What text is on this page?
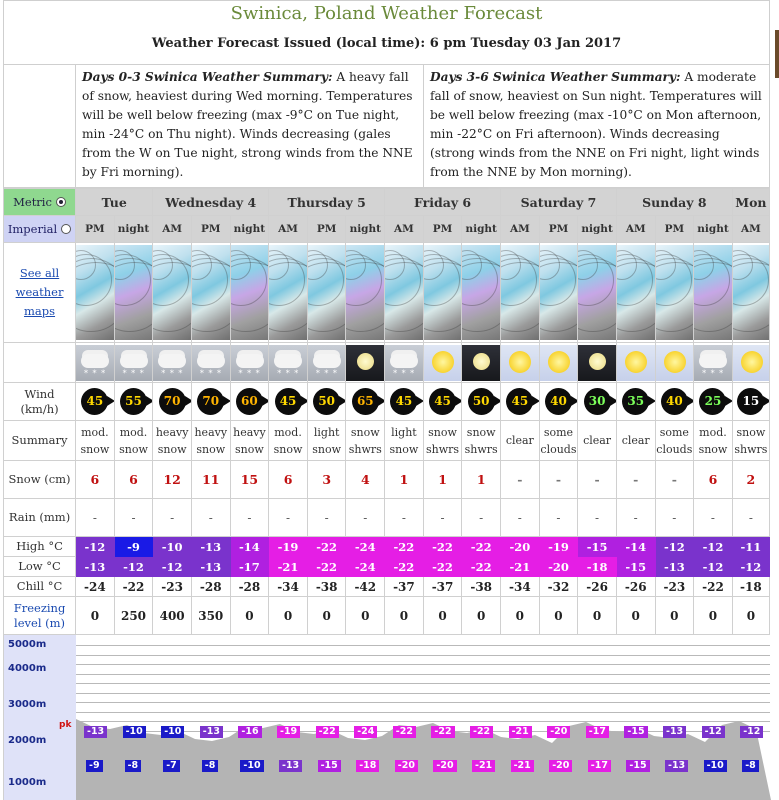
Swinica, Poland Weather Forecast
Weather Forecast Issued (local time): 6 pm Tuesday 03 Jan 2017
Days 0-3 Swinica Weather Summary: A heavy fall of snow, heaviest during Wed morning. Temperatures will be well below freezing (max -9°C on Tue night, min -24°C on Thu night). Winds decreasing (gales from the W on Tue night, strong winds from the NNE by Fri morning).
Days 3-6 Swinica Weather Summary: A moderate fall of snow, heaviest on Sun night. Temperatures will be well below freezing (max -10°C on Mon afternoon, min -22°C on Fri afternoon). Winds decreasing (strong winds from the NNE on Fri night, light winds from the NNE by Mon morning).
Metric	Tue		Wednesday 4			Thursday 5			Friday 6			Saturday 7			Sunday 8			Mon
Imperial	PM	night	AM	PM	night	AM	PM	night	AM	PM	night	AM	PM	night	AM	PM	night	AM
See all weather maps	

	* * *	* * *	* * *	* * *	* * *	* * *	* * *		* * *								* * *	

Wind (km/h)	45	55	70	70	60	45	50	65	45	45	50	45	40	30	35	40	25	15

Summary	mod. snow	mod. snow	heavy snow	heavy snow	heavy snow	mod. snow	light snow	snow shwrs	light snow	snow shwrs	snow shwrs	clear	some clouds	clear	clear	some clouds	mod. snow	snow shwrs
Snow (cm)	6	6	12	11	15	6	3	4	1	1	1	-	-	-	-	-	6	2
Rain (mm)	-	-	-	-	-	-	-	-	-	-	-	-	-	-	-	-	-	-
High °C	-12	-9	-10	-13	-14	-19	-22	-24	-22	-22	-22	-20	-19	-15	-14	-12	-12	-11
Low °C	-13	-12	-12	-13	-17	-21	-22	-24	-22	-22	-22	-21	-20	-18	-15	-13	-12	-12
Chill °C	-24	-22	-23	-28	-28	-34	-38	-42	-37	-37	-38	-34	-32	-26	-26	-23	-22	-18
Freezing level (m)	0	250	400	350	0	0	0	0	0	0	0	0	0	0	0	0	0	0
5000m
4000m
3000m
2000m
1000m
pk
-13
-9
-10
-8
-10
-7
-13
-8
-16
-10
-19
-13
-22
-15
-24
-18
-22
-20
-22
-20
-22
-21
-21
-21
-20
-20
-17
-17
-15
-15
-13
-13
-12
-10
-12
-8
